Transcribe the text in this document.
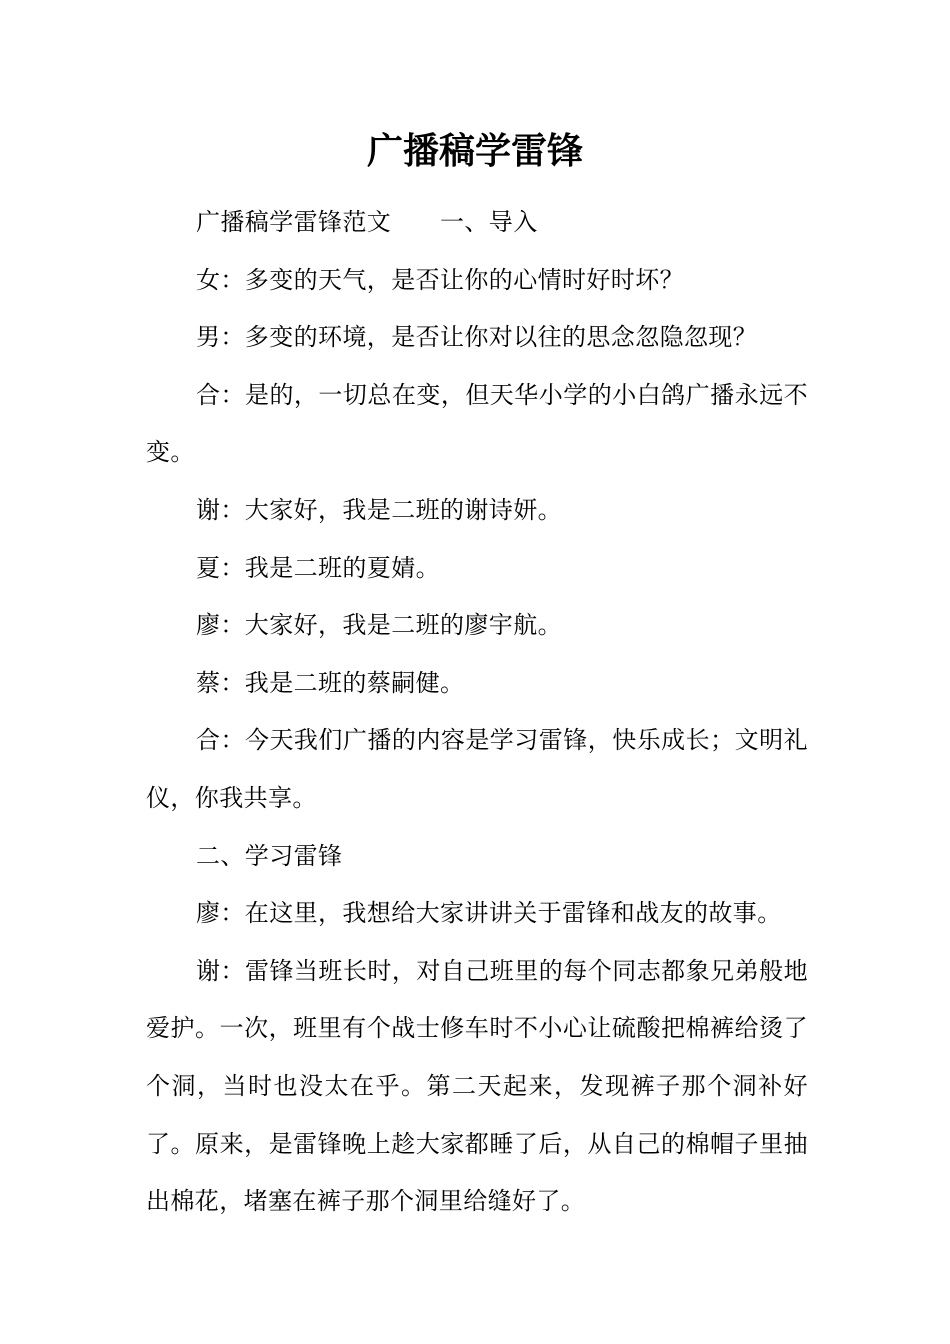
广播稿学雷锋

广播稿学雷锋范文　　一、导入

女：多变的天气，是否让你的心情时好时坏？

男：多变的环境，是否让你对以往的思念忽隐忽现？

合：是的，一切总在变，但天华小学的小白鸽广播永远不变。

谢：大家好，我是二班的谢诗妍。

夏：我是二班的夏婧。

廖：大家好，我是二班的廖宇航。

蔡：我是二班的蔡嗣健。

合：今天我们广播的内容是学习雷锋，快乐成长；文明礼仪，你我共享。

二、学习雷锋

廖：在这里，我想给大家讲讲关于雷锋和战友的故事。

谢：雷锋当班长时，对自己班里的每个同志都象兄弟般地爱护。一次，班里有个战士修车时不小心让硫酸把棉裤给烫了个洞，当时也没太在乎。第二天起来，发现裤子那个洞补好了。原来，是雷锋晚上趁大家都睡了后，从自己的棉帽子里抽出棉花，堵塞在裤子那个洞里给缝好了。
